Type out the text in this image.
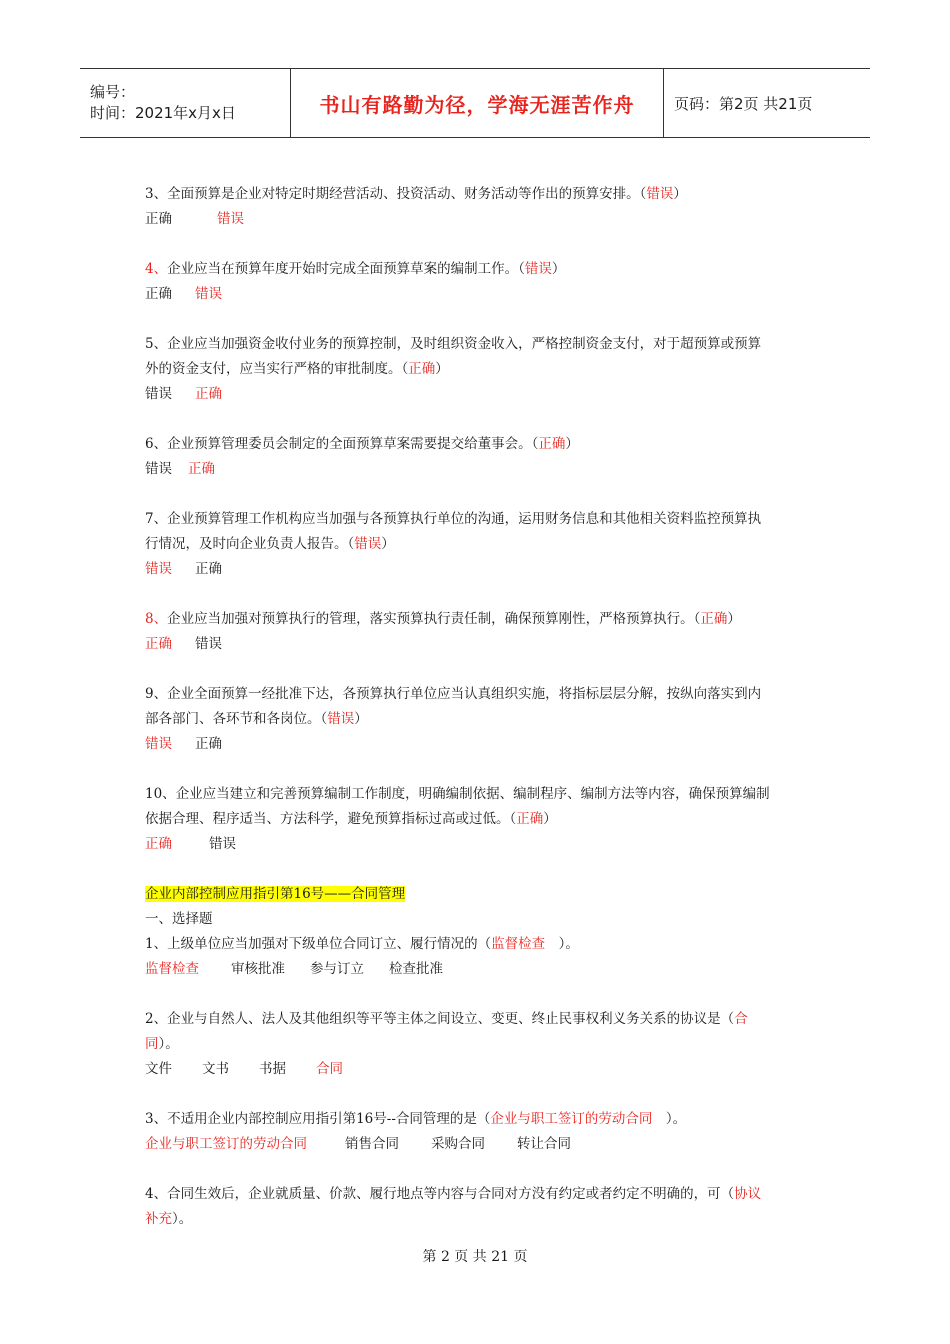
编号：
时间：2021年x月x日	书山有路勤为径，学海无涯苦作舟	页码：第2页 共21页
3、全面预算是企业对特定时期经营活动、投资活动、财务活动等作出的预算安排。（错误）
正确	错误
4、企业应当在预算年度开始时完成全面预算草案的编制工作。（错误）
正确 错误
5、企业应当加强资金收付业务的预算控制，及时组织资金收入，严格控制资金支付，对于超预算或预算
外的资金支付，应当实行严格的审批制度。（正确）
错误 正确
6、企业预算管理委员会制定的全面预算草案需要提交给董事会。（正确）
错误 正确
7、企业预算管理工作机构应当加强与各预算执行单位的沟通，运用财务信息和其他相关资料监控预算执
行情况，及时向企业负责人报告。（错误）
错误 正确
8、企业应当加强对预算执行的管理，落实预算执行责任制，确保预算刚性，严格预算执行。（正确）
正确 错误
9、企业全面预算一经批准下达，各预算执行单位应当认真组织实施，将指标层层分解，按纵向落实到内
部各部门、各环节和各岗位。（错误）
错误 正确
10、企业应当建立和完善预算编制工作制度，明确编制依据、编制程序、编制方法等内容，确保预算编制
依据合理、程序适当、方法科学，避免预算指标过高或过低。（正确）
正确	错误
企业内部控制应用指引第16号——合同管理
一、选择题
1、上级单位应当加强对下级单位合同订立、履行情况的（监督检查　）。
监督检查 审核批准 参与订立 检查批准
2、企业与自然人、法人及其他组织等平等主体之间设立、变更、终止民事权利义务关系的协议是（合
同）。
文件 文书 书据 合同
3、不适用企业内部控制应用指引第16号--合同管理的是（企业与职工签订的劳动合同　）。
企业与职工签订的劳动合同	销售合同 采购合同 转让合同
4、合同生效后，企业就质量、价款、履行地点等内容与合同对方没有约定或者约定不明确的，可（协议
补充）。
第 2 页 共 21 页
